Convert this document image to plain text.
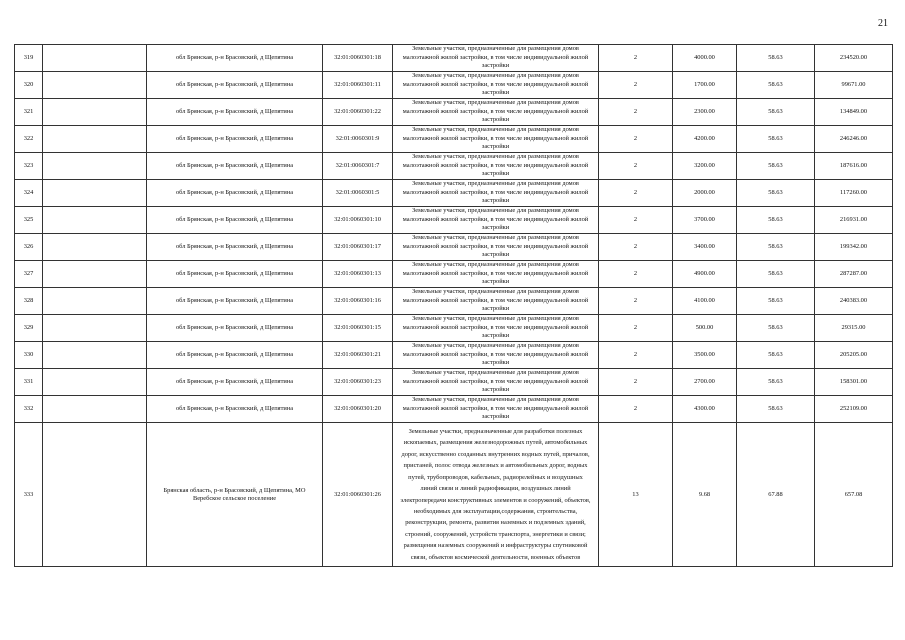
21
319		обл Брянская, р-н Брасовский, д Щепятина	32:01:0060301:18	Земельные участки, предназначенные для размещения домов малоэтажной жилой застройки, в том числе индивидуальной жилой застройки	2	4000.00	58.63	234520.00
320		обл Брянская, р-н Брасовский, д Щепятина	32:01:0060301:11	Земельные участки, предназначенные для размещения домов малоэтажной жилой застройки, в том числе индивидуальной жилой застройки	2	1700.00	58.63	99671.00
321		обл Брянская, р-н Брасовский, д Щепятина	32:01:0060301:22	Земельные участки, предназначенные для размещения домов малоэтажной жилой застройки, в том числе индивидуальной жилой застройки	2	2300.00	58.63	134849.00
322		обл Брянская, р-н Брасовский, д Щепятина	32:01:0060301:9	Земельные участки, предназначенные для размещения домов малоэтажной жилой застройки, в том числе индивидуальной жилой застройки	2	4200.00	58.63	246246.00
323		обл Брянская, р-н Брасовский, д Щепятина	32:01:0060301:7	Земельные участки, предназначенные для размещения домов малоэтажной жилой застройки, в том числе индивидуальной жилой застройки	2	3200.00	58.63	187616.00
324		обл Брянская, р-н Брасовский, д Щепятина	32:01:0060301:5	Земельные участки, предназначенные для размещения домов малоэтажной жилой застройки, в том числе индивидуальной жилой застройки	2	2000.00	58.63	117260.00
325		обл Брянская, р-н Брасовский, д Щепятина	32:01:0060301:10	Земельные участки, предназначенные для размещения домов малоэтажной жилой застройки, в том числе индивидуальной жилой застройки	2	3700.00	58.63	216931.00
326		обл Брянская, р-н Брасовский, д Щепятина	32:01:0060301:17	Земельные участки, предназначенные для размещения домов малоэтажной жилой застройки, в том числе индивидуальной жилой застройки	2	3400.00	58.63	199342.00
327		обл Брянская, р-н Брасовский, д Щепятина	32:01:0060301:13	Земельные участки, предназначенные для размещения домов малоэтажной жилой застройки, в том числе индивидуальной жилой застройки	2	4900.00	58.63	287287.00
328		обл Брянская, р-н Брасовский, д Щепятина	32:01:0060301:16	Земельные участки, предназначенные для размещения домов малоэтажной жилой застройки, в том числе индивидуальной жилой застройки	2	4100.00	58.63	240383.00
329		обл Брянская, р-н Брасовский, д Щепятина	32:01:0060301:15	Земельные участки, предназначенные для размещения домов малоэтажной жилой застройки, в том числе индивидуальной жилой застройки	2	500.00	58.63	29315.00
330		обл Брянская, р-н Брасовский, д Щепятина	32:01:0060301:21	Земельные участки, предназначенные для размещения домов малоэтажной жилой застройки, в том числе индивидуальной жилой застройки	2	3500.00	58.63	205205.00
331		обл Брянская, р-н Брасовский, д Щепятина	32:01:0060301:23	Земельные участки, предназначенные для размещения домов малоэтажной жилой застройки, в том числе индивидуальной жилой застройки	2	2700.00	58.63	158301.00
332		обл Брянская, р-н Брасовский, д Щепятина	32:01:0060301:20	Земельные участки, предназначенные для размещения домов малоэтажной жилой застройки, в том числе индивидуальной жилой застройки	2	4300.00	58.63	252109.00
333		Брянская область, р-н Брасовский, д Щепятина, МО Веребское сельское поселение	32:01:0060301:26	Земельные участки, предназначенные для разработки полезных ископаемых, размещения железнодорожных путей, автомобильных дорог, искусственно созданных внутренних водных путей, причалов, пристаней, полос отвода железных и автомобильных дорог, водных путей, трубопроводов, кабельных, радиорелейных и воздушных линий связи и линий радиофикации, воздушных линий электропередачи конструктивных элементов и сооружений, объектов, необходимых для эксплуатации,содержания, строительства, реконструкции, ремонта, развития наземных и подземных зданий, строений, сооружений, устройств транспорта, энергетики и связи; размещения наземных сооружений и инфраструктуры спутниковой связи, объектов космической деятельности, военных объектов	13	9.68	67.88	657.08
